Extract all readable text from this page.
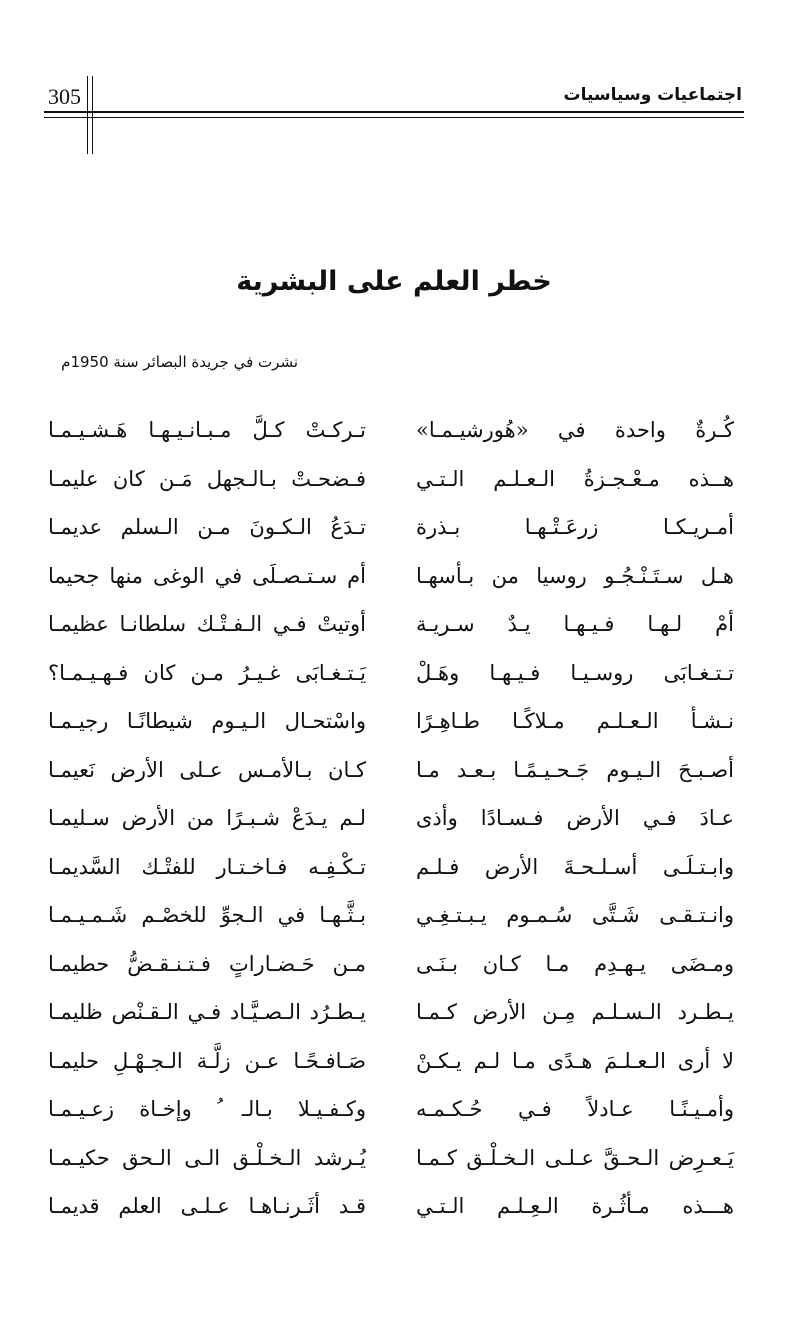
305	اجتماعيات وسياسيات
خطر العلم على البشرية
نشرت في جريدة البصائر سنة 1950م
كُـرةٌ واحدة في «هُورشيـمـا»
تـركـتْ كـلَّ مـبـانـيـهـا هَـشـيـمـا
هــذه مـعْـجـزةُ الـعـلـم الـتـي
فـضحـتْ بـالـجهل مَـن كان عليمـا
أمـريـكـا زرعَـتْـهـا بـذرة
تـدَعُ الـكـونَ مـن الـسلم عديمـا
هـل سـتَـنْـجُـو روسيا من بـأسهـا
أم سـتـصـلَى في الوغى منها جحيما
أمْ لـهـا فـيـهـا يـدٌ سـريـة
أوتيتْ فـي الـفـتْـك سلطانـا عظيمـا
تـتـغـابَى روسـيـا فـيـهـا وهَـلْ
يَـتـغـابَى غـيـرُ مـن كان فـهـيـمـا؟
نـشـأ الـعـلـم مـلاكًـا طـاهِـرًا
واسْتحـال الـيـوم شيطانًـا رجيـمـا
أصـبـحَ الـيـوم جَـحـيـمًـا بـعـد مـا
كـان بـالأمـس عـلى الأرض نَعيمـا
عـادَ فـي الأرض فـسـادًا وأذى
لـم يـدَعْ شـبـرًا من الأرض سـليمـا
وابـتـلَـى أسـلـحـةَ الأرض فـلـم
تـكْـفِـه فـاخـتـار للفتْـك السَّديمـا
وانـتـقـى شَـتَّى سُـمـوم يـبـتـغِـي
بـثَّـهـا في الـجوِّ للخصْـم شَـمـيـمـا
ومـضَى يـهـدِم مـا كـان بـنَـى
مـن حَـضـاراتٍ فـتـنـقـضُّ حطيمـا
يـطـرد الـسـلـم مِـن الأرض كـمـا
يـطـرُد الـصـيَّـاد فـي الـقـنْص ظليمـا
لا أرى الـعـلـمَ هـدًى مـا لـم يـكـنْ
صَـافـحًـا عـن زلَّـة الـجـهْـلِ حليمـا
وأمـيـنًـا عـادلاً فـي حُـكـمـه
وكـفـيـلا بـالـ ُ وإخـاة زعـيـمـا
يَـعـرِض الـحـقَّ عـلـى الـخـلْـق كـمـا
يُـرشد الـخـلْـق الـى الـحق حكيـمـا
هـــذه مـأثُـرة الـعِـلـم الـتـي
قـد أثَـرنـاهـا عـلـى العلم قديمـا
